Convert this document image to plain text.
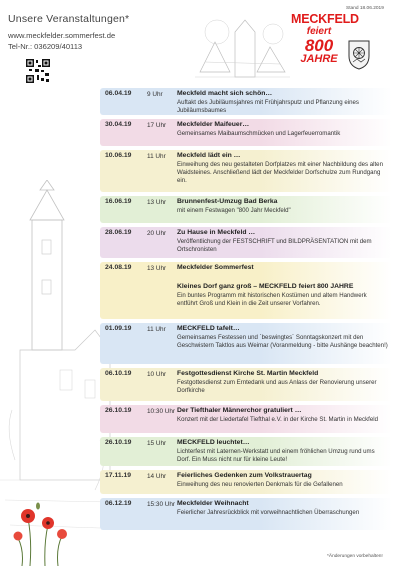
Unsere Veranstaltungen*
www.meckfelder.sommerfest.de
Tel-Nr.: 036209/40113
Stand 18.06.2019
MECKFELD
feiert
800
JAHRE
06.04.19 9 Uhr Meckfeld macht sich schön…
Auftakt des Jubiläumsjahres mit Frühjahrsputz und Pflanzung eines Jubiläumsbaumes
30.04.19 17 Uhr Meckfelder Maifeuer…
Gemeinsames Maibaumschmücken und Lagerfeuerromantik
10.06.19 11 Uhr Meckfeld lädt ein …
Einweihung des neu gestalteten Dorfplatzes mit einer Nachbildung des alten Waidsteines. Anschließend lädt der Meckfelder Dorfschulze zum Rundgang ein.
16.06.19 13 Uhr Brunnenfest-Umzug Bad Berka
mit einem Festwagen "800 Jahr Meckfeld"
28.06.19 20 Uhr Zu Hause in Meckfeld …
Veröffentlichung der FESTSCHRIFT und BILDPRÄSENTATION mit dem Ortschronisten
24.08.19 13 Uhr Meckfelder Sommerfest
Kleines Dorf ganz groß – MECKFELD feiert 800 JAHRE
Ein buntes Programm mit historischen Kostümen und altem Handwerk entführt Groß und Klein in die Zeit unserer Vorfahren.
01.09.19 11 Uhr MECKFELD tafelt…
Gemeinsames Festessen und `beswingtes´ Sonntagskonzert mit den Geschwistern Taktlos aus Weimar (Voranmeldung - bitte Aushänge beachten!)
06.10.19 10 Uhr Festgottesdienst Kirche St. Martin Meckfeld
Festgottesdienst zum Erntedank und aus Anlass der Renovierung unserer Dorfkirche
26.10.19 10:30 Uhr Der Tiefthaler Männerchor gratuliert …
Konzert mit der Liedertafel Tiefthal e.V. in der Kirche St. Martin in Meckfeld
26.10.19 15 Uhr MECKFELD leuchtet…
Lichterfest mit Laternen-Werkstatt und einem fröhlichen Umzug rund ums Dorf. Ein Muss nicht nur für kleine Leute!
17.11.19 14 Uhr Feierliches Gedenken zum Volkstrauertag
Einweihung des neu renovierten Denkmals für die Gefallenen
06.12.19 15:30 Uhr Meckfelder Weihnacht
Feierlicher Jahresrückblick mit vorweihnachtlichen Überraschungen
*Änderungen vorbehalten!
